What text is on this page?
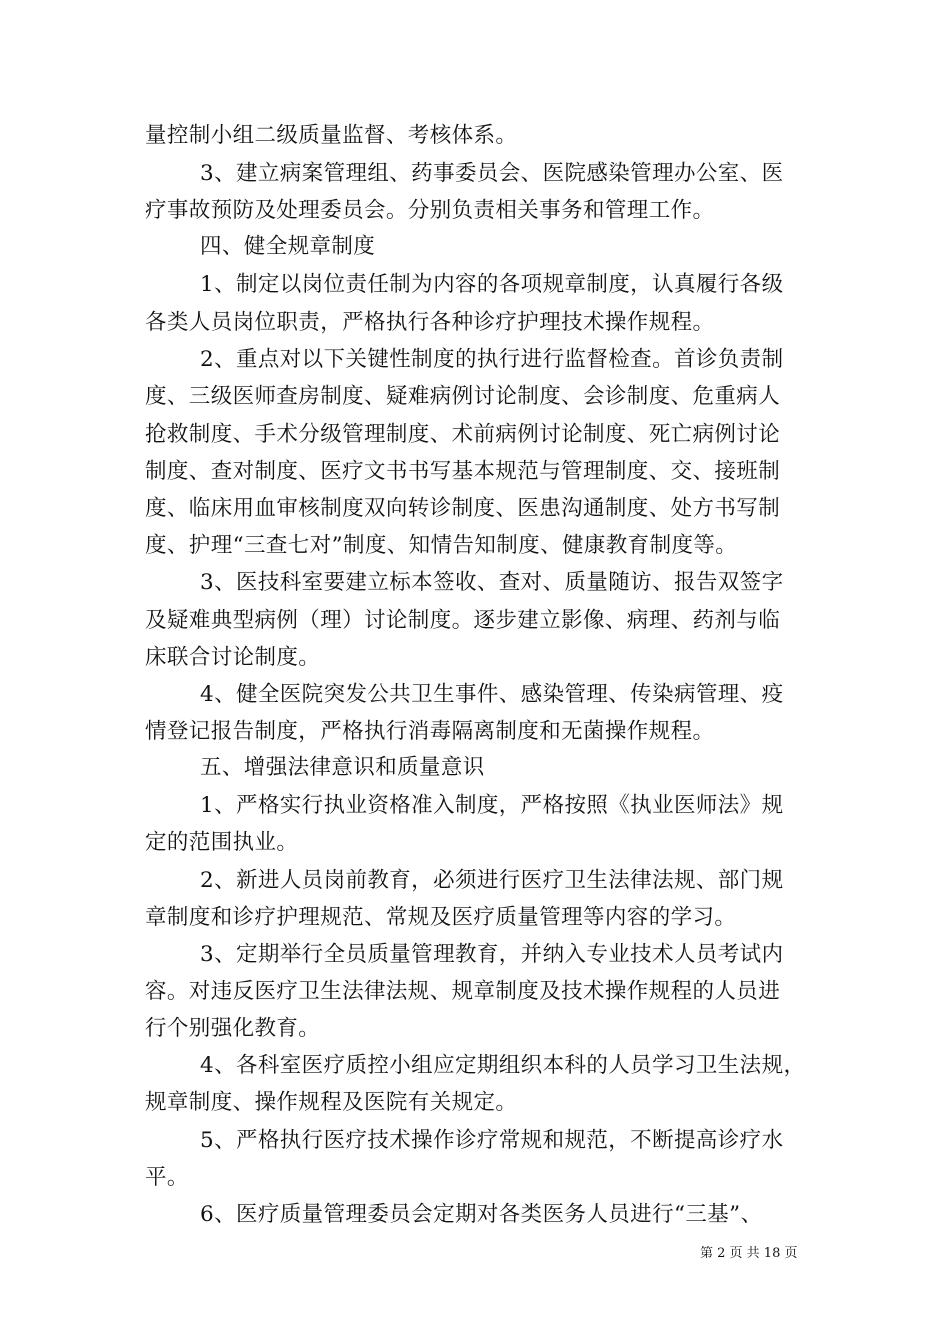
量控制小组二级质量监督、考核体系。
3、建立病案管理组、药事委员会、医院感染管理办公室、医
疗事故预防及处理委员会。分别负责相关事务和管理工作。
四、健全规章制度
1、制定以岗位责任制为内容的各项规章制度，认真履行各级
各类人员岗位职责，严格执行各种诊疗护理技术操作规程。
2、重点对以下关键性制度的执行进行监督检查。首诊负责制
度、三级医师查房制度、疑难病例讨论制度、会诊制度、危重病人
抢救制度、手术分级管理制度、术前病例讨论制度、死亡病例讨论
制度、查对制度、医疗文书书写基本规范与管理制度、交、接班制
度、临床用血审核制度双向转诊制度、医患沟通制度、处方书写制
度、护理“三查七对”制度、知情告知制度、健康教育制度等。
3、医技科室要建立标本签收、查对、质量随访、报告双签字
及疑难典型病例（理）讨论制度。逐步建立影像、病理、药剂与临
床联合讨论制度。
4、健全医院突发公共卫生事件、感染管理、传染病管理、疫
情登记报告制度，严格执行消毒隔离制度和无菌操作规程。
五、增强法律意识和质量意识
1、严格实行执业资格准入制度，严格按照《执业医师法》规
定的范围执业。
2、新进人员岗前教育，必须进行医疗卫生法律法规、部门规
章制度和诊疗护理规范、常规及医疗质量管理等内容的学习。
3、定期举行全员质量管理教育，并纳入专业技术人员考试内
容。对违反医疗卫生法律法规、规章制度及技术操作规程的人员进
行个别强化教育。
4、各科室医疗质控小组应定期组织本科的人员学习卫生法规，
规章制度、操作规程及医院有关规定。
5、严格执行医疗技术操作诊疗常规和规范，不断提高诊疗水
平。
6、医疗质量管理委员会定期对各类医务人员进行“三基”、
第 2 页 共 18 页
